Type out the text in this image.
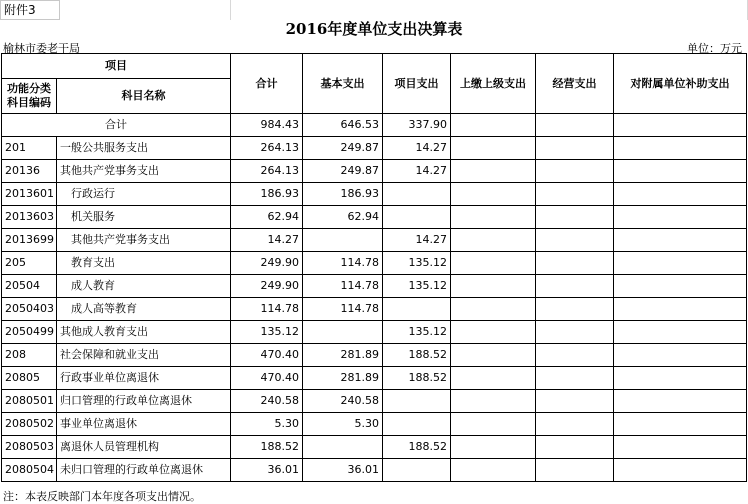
附件3
2016年度单位支出决算表
榆林市委老干局	单位：万元
项目		合计	基本支出	项目支出	上缴上级支出	经营支出	对附属单位补助支出
功能分类
科目编码	科目名称						
合计		984.43	646.53	337.90			
201	一般公共服务支出	264.13	249.87	14.27			
20136	其他共产党事务支出	264.13	249.87	14.27			
2013601	行政运行	186.93	186.93				
2013603	机关服务	62.94	62.94				
2013699	其他共产党事务支出	14.27		14.27			
205	教育支出	249.90	114.78	135.12			
20504	成人教育	249.90	114.78	135.12			
2050403	成人高等教育	114.78	114.78				
2050499	其他成人教育支出	135.12		135.12			
208	社会保障和就业支出	470.40	281.89	188.52			
20805	行政事业单位离退休	470.40	281.89	188.52			
2080501	归口管理的行政单位离退休	240.58	240.58				
2080502	事业单位离退休	5.30	5.30				
2080503	离退休人员管理机构	188.52		188.52			
2080504	未归口管理的行政单位离退休	36.01	36.01				
注：本表反映部门本年度各项支出情况。
